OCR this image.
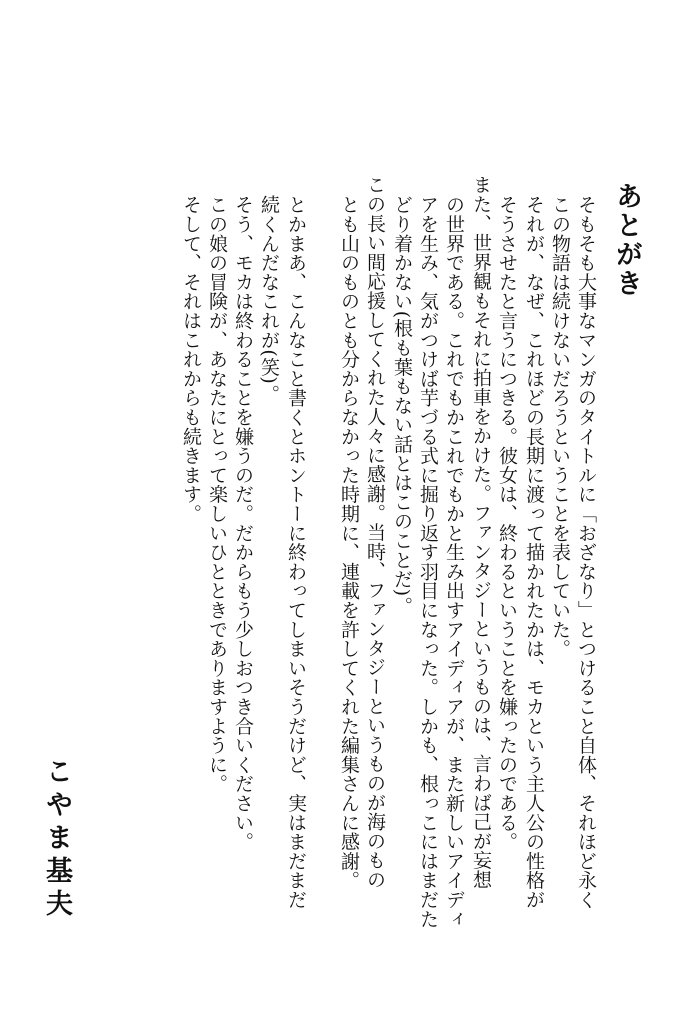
あとがき
そもそも大事なマンガのタイトルに「おざなり」とつけること自体、それほど永く
この物語は続けないだろうということを表していた。
それが、なぜ、これほどの長期に渡って描かれたかは、モカという主人公の性格が
そうさせたと言うにつきる。彼女は、終わるということを嫌ったのである。
また、世界観もそれに拍車をかけた。ファンタジーというものは、言わば己が妄想
の世界である。これでもかこれでもかと生み出すアイディアが、また新しいアイディ
アを生み、気がつけば芋づる式に掘り返す羽目になった。しかも、根っこにはまだた
どり着かない(根も葉もない話とはこのことだ)。
この長い間応援してくれた人々に感謝。当時、ファンタジーというものが海のもの
とも山のものとも分からなかった時期に、連載を許してくれた編集さんに感謝。
とかまあ、こんなこと書くとホントーに終わってしまいそうだけど、実はまだまだ
続くんだなこれが(笑)。
そう、モカは終わることを嫌うのだ。だからもう少しおつき合いください。
この娘の冒険が、あなたにとって楽しいひとときでありますように。
そして、それはこれからも続きます。
こやま基夫
